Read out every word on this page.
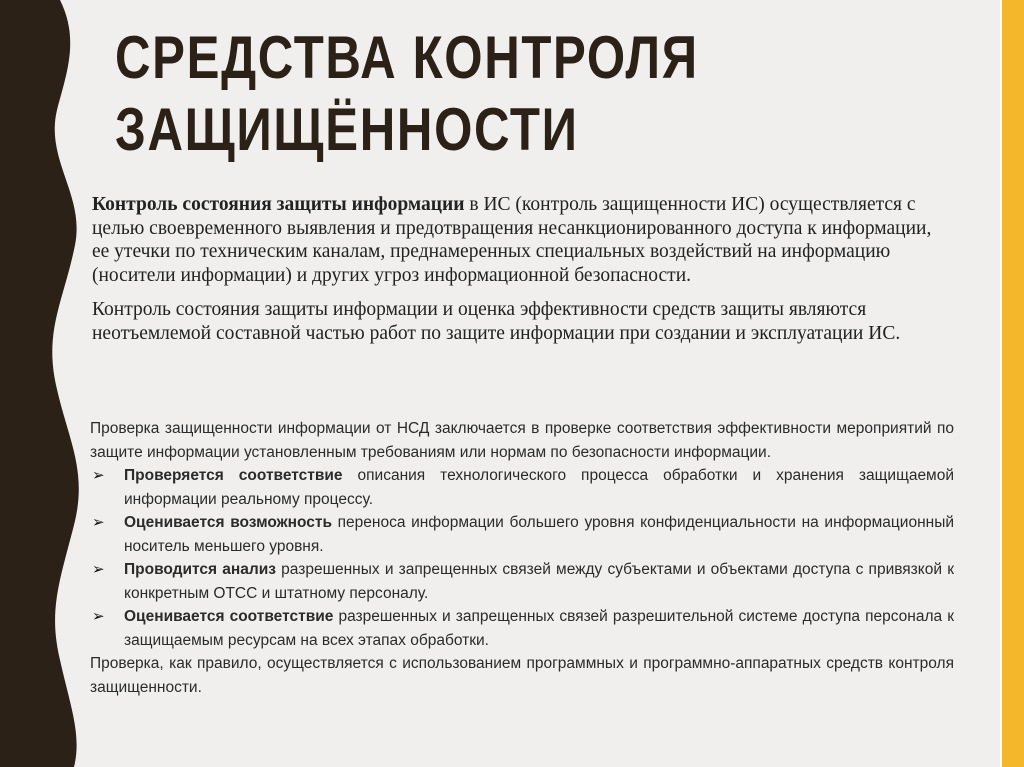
СРЕДСТВА КОНТРОЛЯ
ЗАЩИЩЁННОСТИ

Контроль состояния защиты информации в ИС (контроль защищенности ИС) осуществляется с целью своевременного выявления и предотвращения несанкционированного доступа к информации, ее утечки по техническим каналам, преднамеренных специальных воздействий на информацию (носители информации) и других угроз информационной безопасности.

Контроль состояния защиты информации и оценка эффективности средств защиты являются неотъемлемой составной частью работ по защите информации при создании и эксплуатации ИС.

Проверка защищенности информации от НСД заключается в проверке соответствия эффективности мероприятий по защите информации установленным требованиям или нормам по безопасности информации.

➢ Проверяется соответствие описания технологического процесса обработки и хранения защищаемой информации реальному процессу.
➢ Оценивается возможность переноса информации большего уровня конфиденциальности на информационный носитель меньшего уровня.
➢ Проводится анализ разрешенных и запрещенных связей между субъектами и объектами доступа с привязкой к конкретным ОТСС и штатному персоналу.
➢ Оценивается соответствие разрешенных и запрещенных связей разрешительной системе доступа персонала к защищаемым ресурсам на всех этапах обработки.

Проверка, как правило, осуществляется с использованием программных и программно-аппаратных средств контроля защищенности.
